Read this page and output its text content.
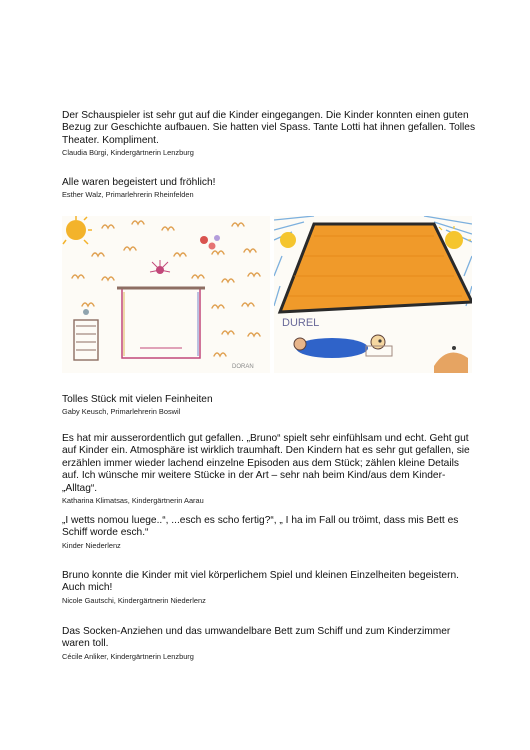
Der Schauspieler ist sehr gut auf die Kinder eingegangen. Die Kinder konnten einen guten Bezug zur Geschichte aufbauen. Sie hatten viel Spass. Tante Lotti hat ihnen gefallen. Tolles Theater. Kompliment.

Claudia Bürgi, Kindergärtnerin Lenzburg

Alle waren begeistert und fröhlich!

Esther Walz, Primarlehrerin Rheinfelden

DORAN
DUREL

Tolles Stück mit vielen Feinheiten

Gaby Keusch, Primarlehrerin Boswil

Es hat mir ausserordentlich gut gefallen. „Bruno“ spielt sehr einfühlsam und echt. Geht gut auf Kinder ein. Atmosphäre ist wirklich traumhaft. Den Kindern hat es sehr gut gefallen, sie erzählen immer wieder lachend einzelne Episoden aus dem Stück; zählen kleine Details auf. Ich wünsche mir weitere Stücke in der Art – sehr nah beim Kind/aus dem Kinder-„Alltag“.

Katharina Klimatsas, Kindergärtnerin Aarau

„I wetts nomou luege..“, ...esch es scho fertig?“, „ I ha im Fall ou tröimt, dass mis Bett es Schiff worde esch.“

Kinder Niederlenz

Bruno konnte die Kinder mit viel körperlichem Spiel und kleinen Einzelheiten begeistern. Auch mich!

Nicole Gautschi, Kindergärtnerin Niederlenz

Das Socken-Anziehen und das umwandelbare Bett zum Schiff und zum Kinderzimmer waren toll.

Cécile Anliker, Kindergärtnerin Lenzburg
